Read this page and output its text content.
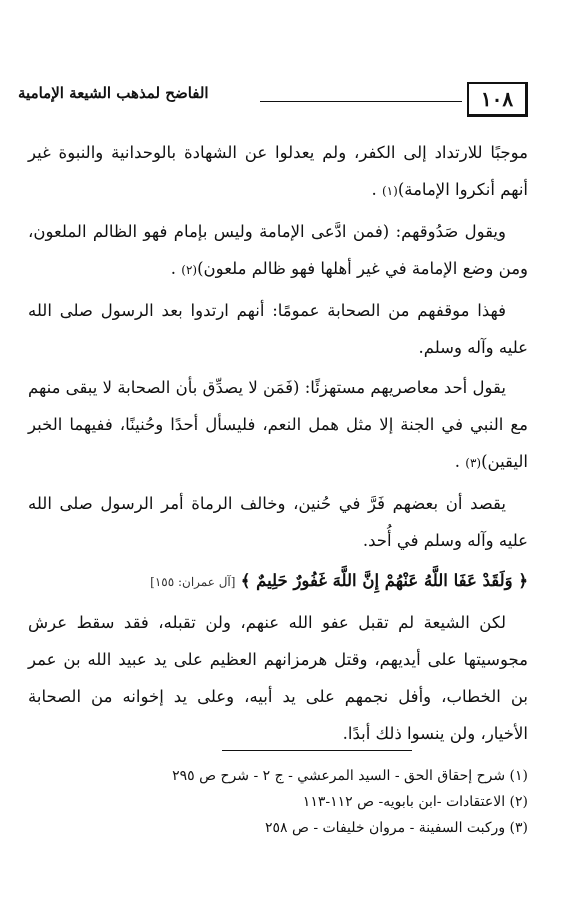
١٠٨
الفاضح لمذهب الشيعة الإمامية

موجبًا للارتداد إلى الكفر، ولم يعدلوا عن الشهادة بالوحدانية والنبوة غير أنهم أنكروا الإمامة)(١) .

ويقول صَدُوقهم: (فمن ادَّعى الإمامة وليس بإمام فهو الظالم الملعون، ومن وضع الإمامة في غير أهلها فهو ظالم ملعون)(٢) .

فهذا موقفهم من الصحابة عمومًا: أنهم ارتدوا بعد الرسول صلى الله عليه وآله وسلم.

يقول أحد معاصريهم مستهزئًا: (فَمَن لا يصدِّق بأن الصحابة لا يبقى منهم مع النبي في الجنة إلا مثل همل النعم، فليسأل أحدًا وحُنينًا، ففيهما الخبر اليقين)(٣) .

يقصد أن بعضهم فَرَّ في حُنين، وخالف الرماة أمر الرسول صلى الله عليه وآله وسلم في أُحد.

﴿ وَلَقَدْ عَفَا اللَّهُ عَنْهُمْ إِنَّ اللَّهَ غَفُورٌ حَلِيمٌ ﴾ [آل عمران: ١٥٥]

لكن الشيعة لم تقبل عفو الله عنهم، ولن تقبله، فقد سقط عرش مجوسيتها على أيديهم، وقتل هرمزانهم العظيم على يد عبيد الله بن عمر بن الخطاب، وأفل نجمهم على يد أبيه، وعلى يد إخوانه من الصحابة الأخيار، ولن ينسوا ذلك أبدًا.

(١) شرح إحقاق الحق - السيد المرعشي - ج ٢ - شرح ص ٢٩٥
(٢) الاعتقادات -ابن بابويه- ص ١١٢-١١٣
(٣) وركبت السفينة - مروان خليفات - ص ٢٥٨
